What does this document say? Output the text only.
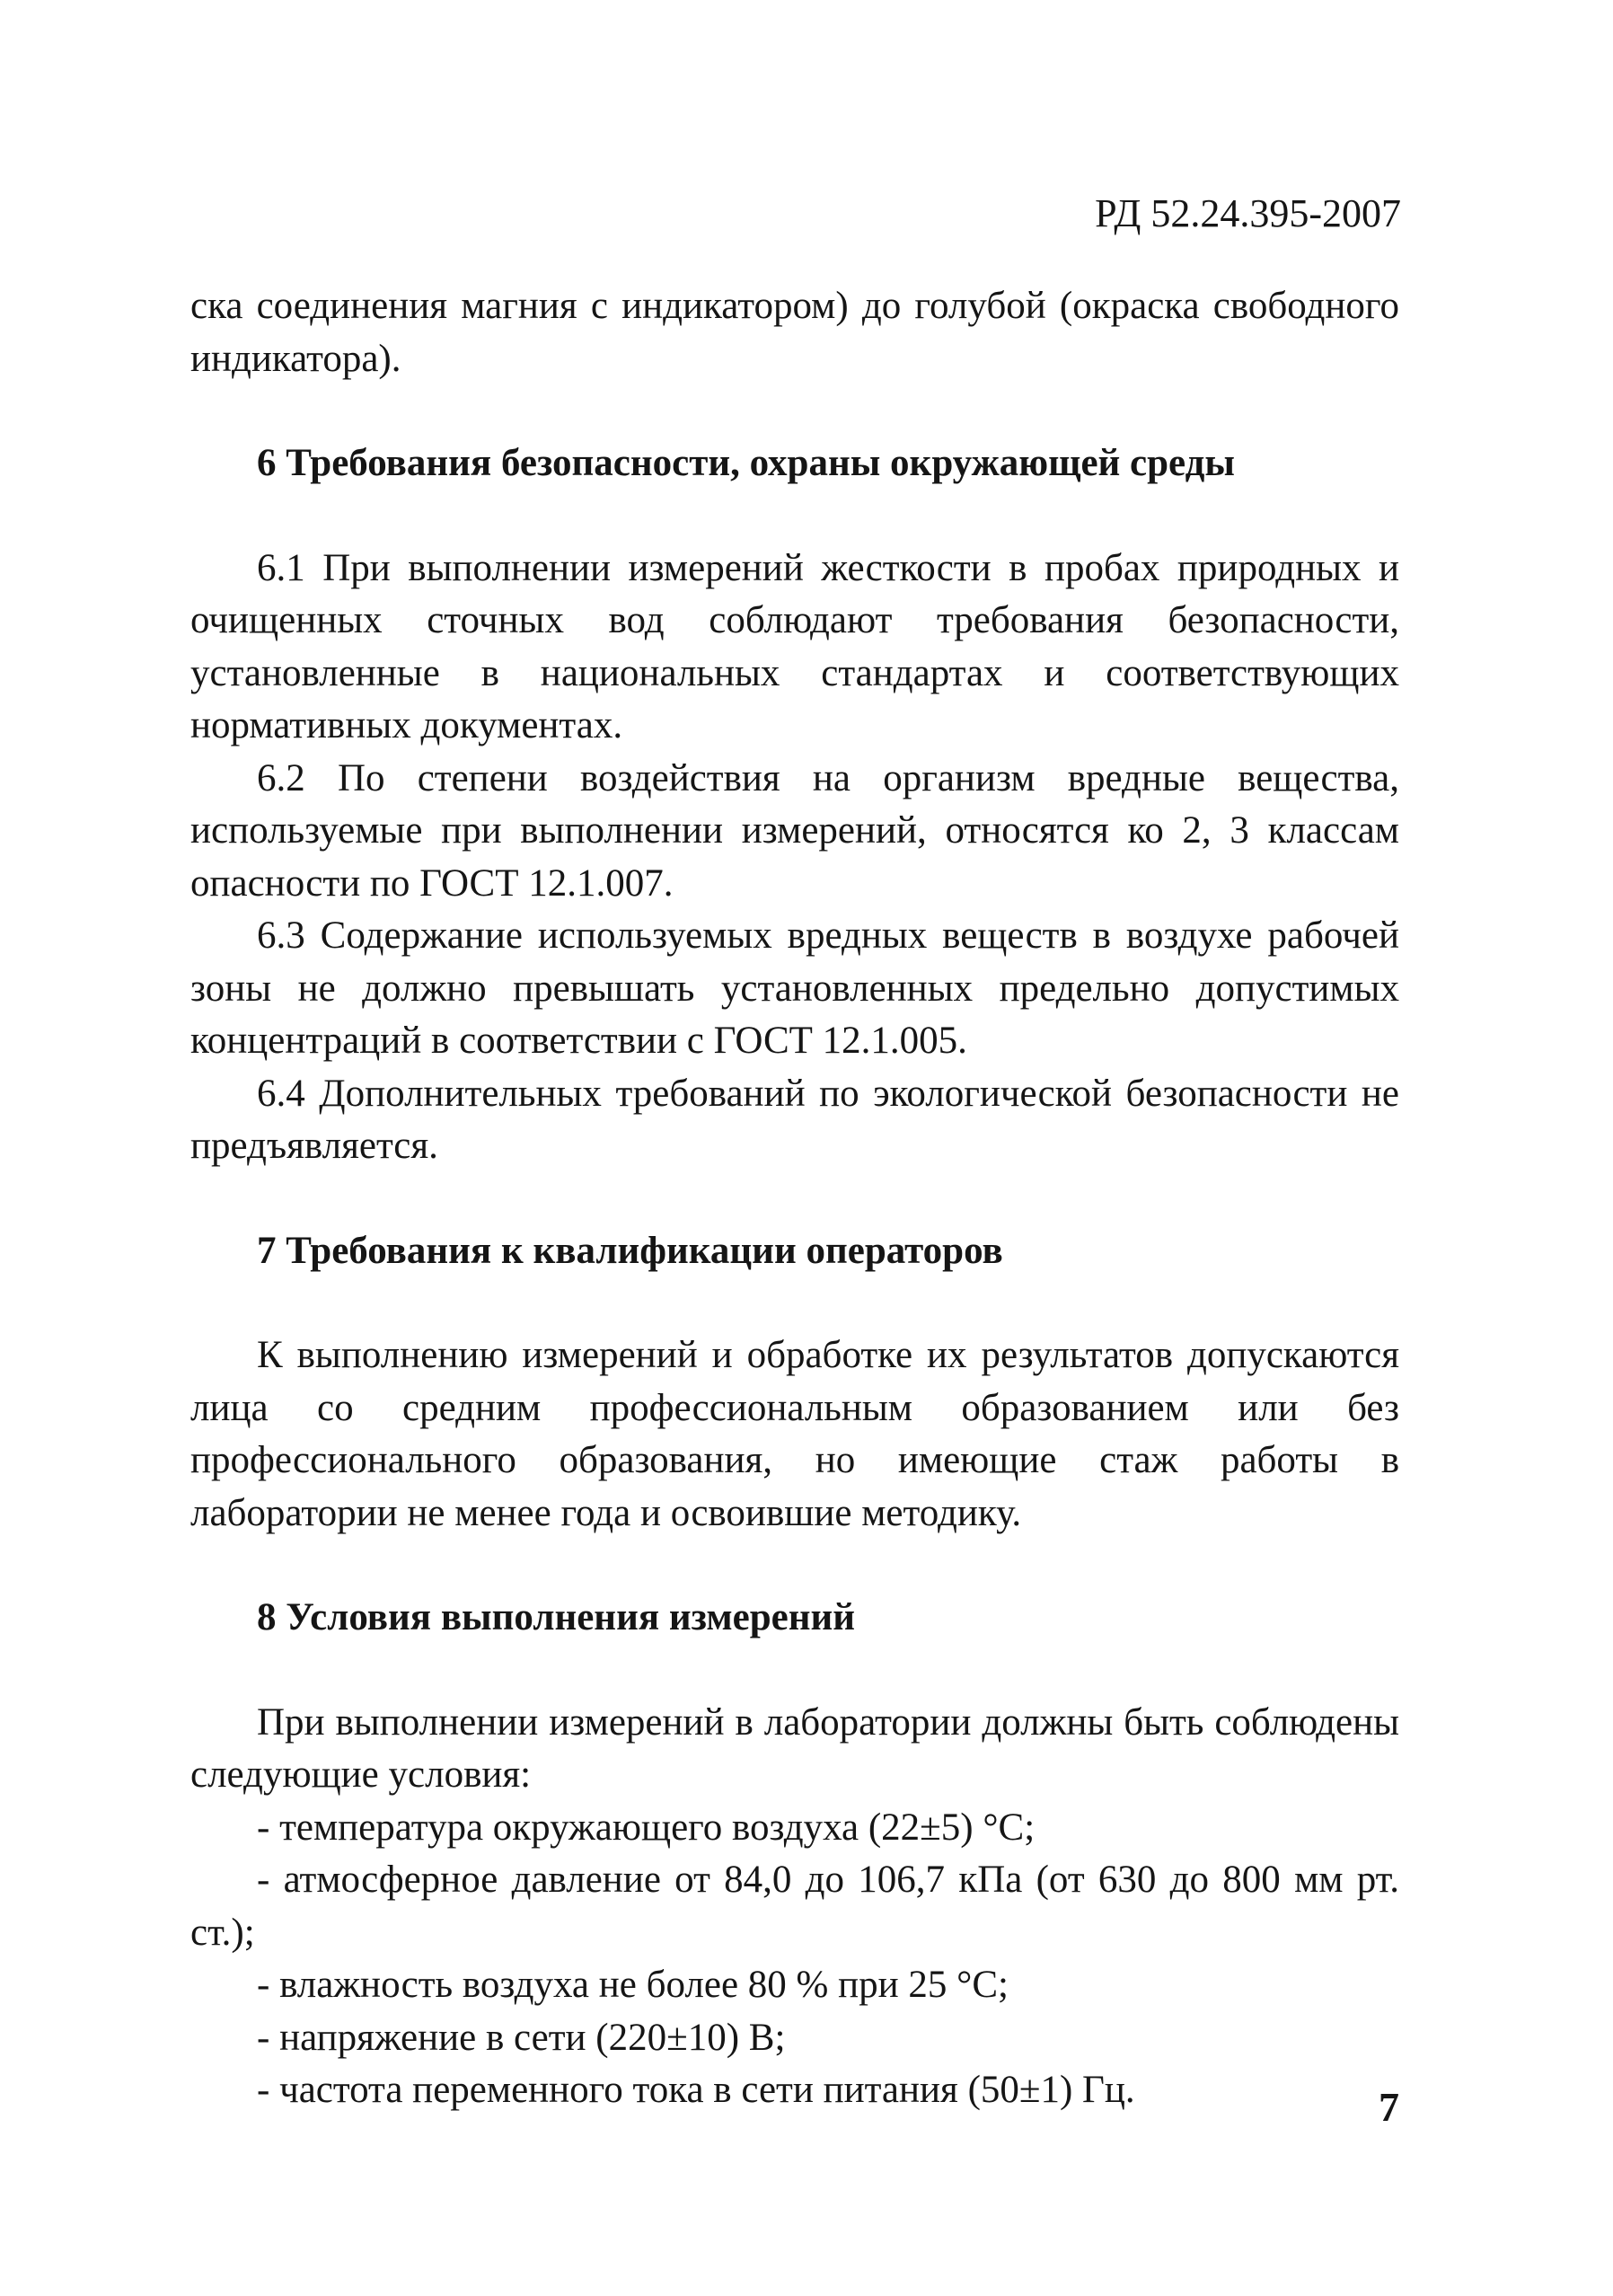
РД 52.24.395-2007

ска соединения магния с индикатором) до голубой (окраска свободного индикатора).

6 Требования безопасности, охраны окружающей среды

6.1 При выполнении измерений жесткости в пробах природных и очищенных сточных вод соблюдают требования безопасности, установленные в национальных стандартах и соответствующих нормативных документах.

6.2 По степени воздействия на организм вредные вещества, используемые при выполнении измерений, относятся ко 2, 3 классам опасности по ГОСТ 12.1.007.

6.3 Содержание используемых вредных веществ в воздухе рабочей зоны не должно превышать установленных предельно допустимых концентраций в соответствии с ГОСТ 12.1.005.

6.4 Дополнительных требований по экологической безопасности не предъявляется.

7 Требования к квалификации операторов

К выполнению измерений и обработке их результатов допускаются лица со средним профессиональным образованием или без профессионального образования, но имеющие стаж работы в лаборатории не менее года и освоившие методику.

8 Условия выполнения измерений

При выполнении измерений в лаборатории должны быть соблюдены следующие условия:

- температура окружающего воздуха (22±5) °С;

- атмосферное давление от 84,0 до 106,7 кПа (от 630 до 800 мм рт. ст.);

- влажность воздуха не более 80 % при 25 °С;

- напряжение в сети (220±10) В;

- частота переменного тока в сети питания (50±1) Гц.	7
